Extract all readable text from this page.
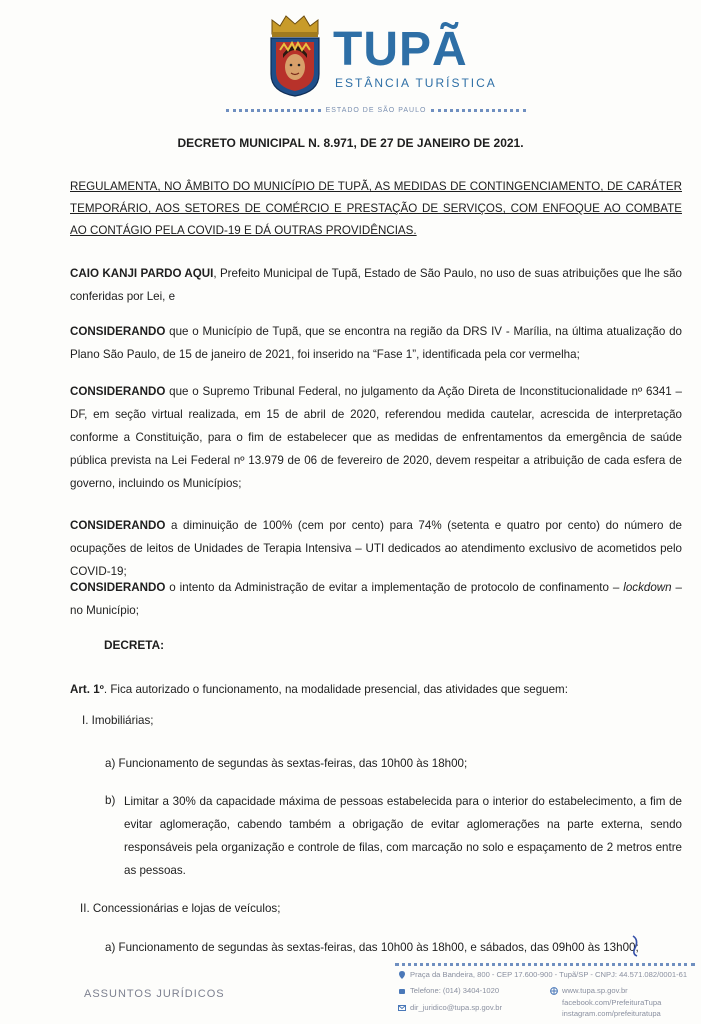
TUPÃ
ESTÂNCIA TURÍSTICA
ESTADO DE SÃO PAULO
DECRETO MUNICIPAL N. 8.971, DE 27 DE JANEIRO DE 2021.
REGULAMENTA, NO ÂMBITO DO MUNICÍPIO DE TUPÃ, AS MEDIDAS DE CONTINGENCIAMENTO, DE CARÁTER TEMPORÁRIO, AOS SETORES DE COMÉRCIO E PRESTAÇÃO DE SERVIÇOS, COM ENFOQUE AO COMBATE AO CONTÁGIO PELA COVID-19 E DÁ OUTRAS PROVIDÊNCIAS.
CAIO KANJI PARDO AQUI, Prefeito Municipal de Tupã, Estado de São Paulo, no uso de suas atribuições que lhe são conferidas por Lei, e
CONSIDERANDO que o Município de Tupã, que se encontra na região da DRS IV - Marília, na última atualização do Plano São Paulo, de 15 de janeiro de 2021, foi inserido na “Fase 1”, identificada pela cor vermelha;
CONSIDERANDO que o Supremo Tribunal Federal, no julgamento da Ação Direta de Inconstitucionalidade nº 6341 – DF, em seção virtual realizada, em 15 de abril de 2020, referendou medida cautelar, acrescida de interpretação conforme a Constituição, para o fim de estabelecer que as medidas de enfrentamentos da emergência de saúde pública prevista na Lei Federal nº 13.979 de 06 de fevereiro de 2020, devem respeitar a atribuição de cada esfera de governo, incluindo os Municípios;
CONSIDERANDO a diminuição de 100% (cem por cento) para 74% (setenta e quatro por cento) do número de ocupações de leitos de Unidades de Terapia Intensiva – UTI dedicados ao atendimento exclusivo de acometidos pelo COVID-19;
CONSIDERANDO o intento da Administração de evitar a implementação de protocolo de confinamento – lockdown – no Município;
DECRETA:
Art. 1º. Fica autorizado o funcionamento, na modalidade presencial, das atividades que seguem:
I. Imobiliárias;
a) Funcionamento de segundas às sextas-feiras, das 10h00 às 18h00;
b) Limitar a 30% da capacidade máxima de pessoas estabelecida para o interior do estabelecimento, a fim de evitar aglomeração, cabendo também a obrigação de evitar aglomerações na parte externa, sendo responsáveis pela organização e controle de filas, com marcação no solo e espaçamento de 2 metros entre as pessoas.
II. Concessionárias e lojas de veículos;
a) Funcionamento de segundas às sextas-feiras, das 10h00 às 18h00, e sábados, das 09h00 às 13h00;
ASSUNTOS JURÍDICOS
Praça da Bandeira, 800 - CEP 17.600-900 - Tupã/SP - CNPJ: 44.571.082/0001-61
Telefone: (014) 3404-1020
dir_juridico@tupa.sp.gov.br
www.tupa.sp.gov.br
facebook.com/PrefeituraTupa
instagram.com/prefeituratupa
